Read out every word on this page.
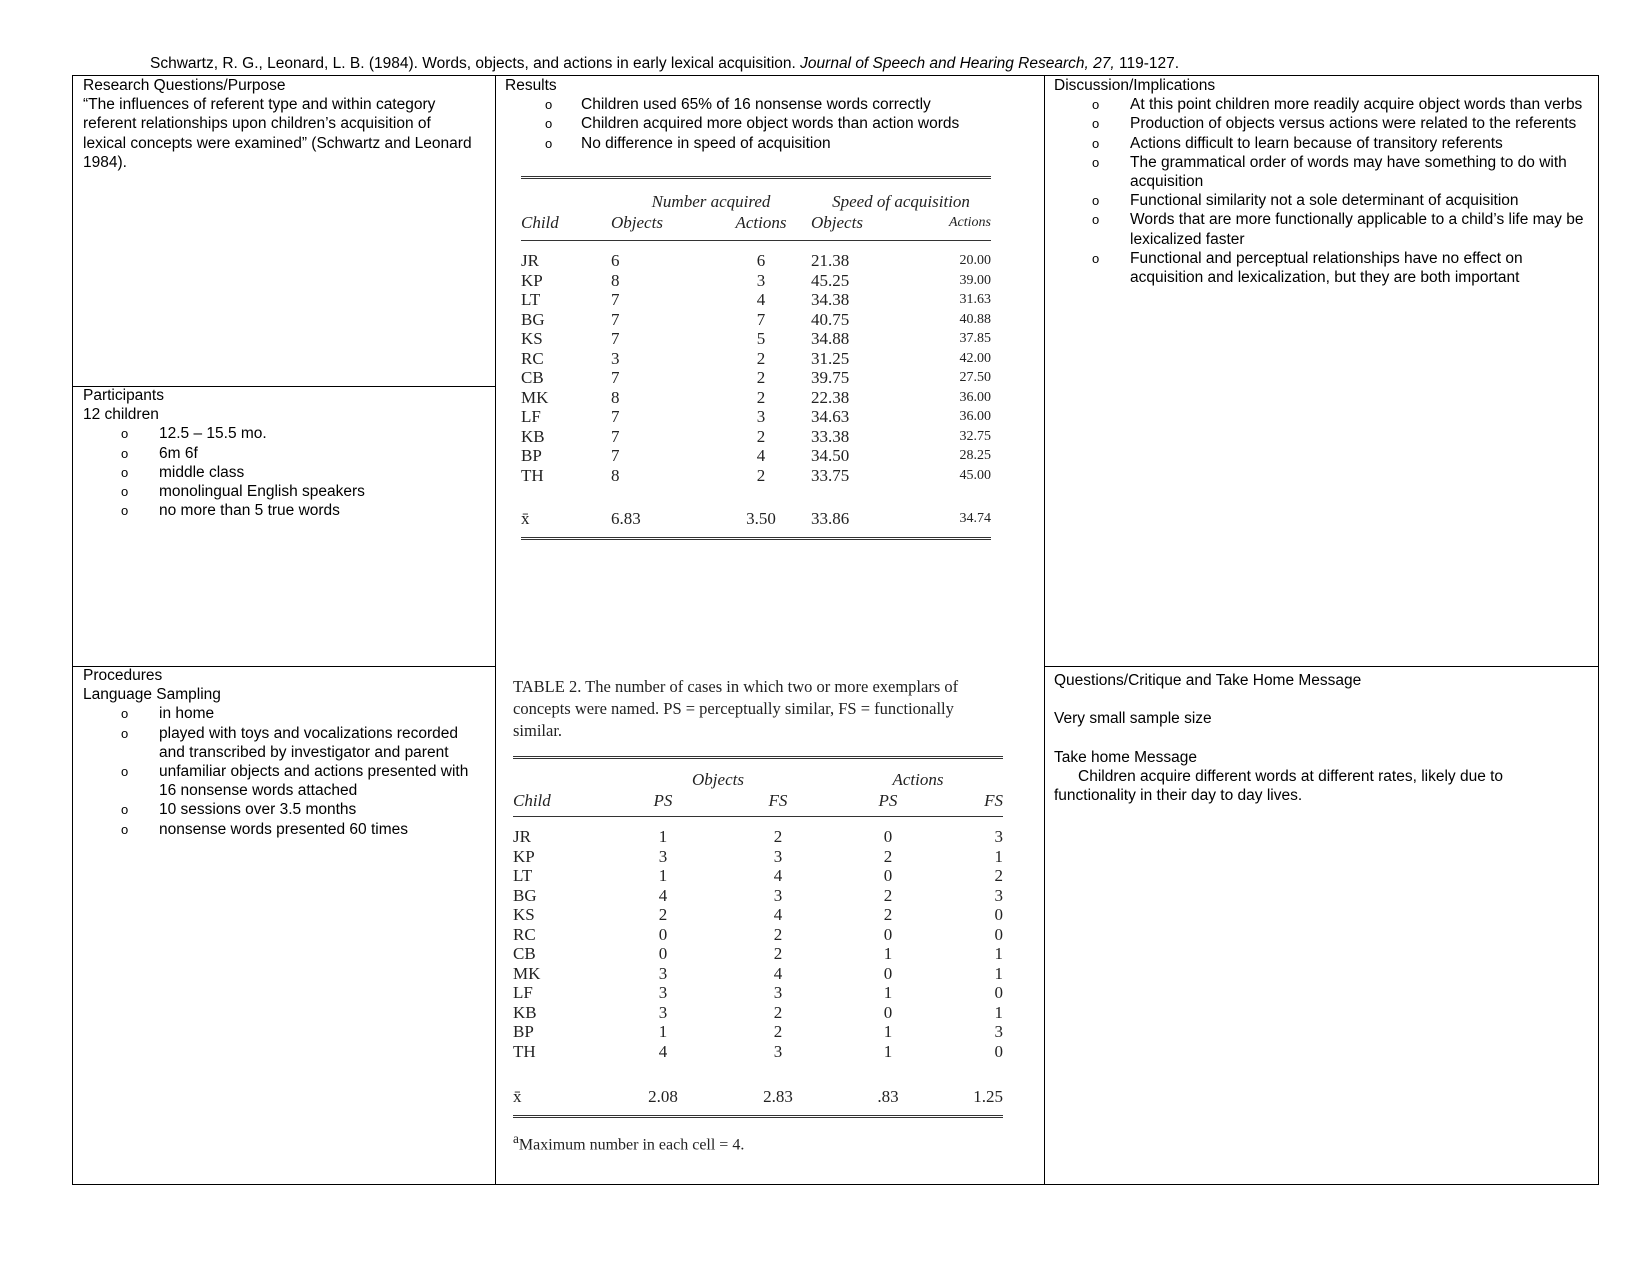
Schwartz, R. G., Leonard, L. B. (1984). Words, objects, and actions in early lexical acquisition. Journal of Speech and Hearing Research, 27, 119-127.
Research Questions/Purpose
“The influences of referent type and within category referent relationships upon children’s acquisition of lexical concepts were examined” (Schwartz and Leonard 1984).
Participants
12 children
o 12.5 – 15.5 mo.
o 6m 6f
o middle class
o monolingual English speakers
o no more than 5 true words
Procedures
Language Sampling
o in home
o played with toys and vocalizations recorded and transcribed by investigator and parent
o unfamiliar objects and actions presented with 16 nonsense words attached
o 10 sessions over 3.5 months
o nonsense words presented 60 times
Results
o Children used 65% of 16 nonsense words correctly
o Children acquired more object words than action words
o No difference in speed of acquisition
	Number acquired		Speed of acquisition	
Child	Objects	Actions	Objects	Actions

JR	6	6	21.38	20.00
KP	8	3	45.25	39.00
LT	7	4	34.38	31.63
BG	7	7	40.75	40.88
KS	7	5	34.88	37.85
RC	3	2	31.25	42.00
CB	7	2	39.75	27.50
MK	8	2	22.38	36.00
LF	7	3	34.63	36.00
KB	7	2	33.38	32.75
BP	7	4	34.50	28.25
TH	8	2	33.75	45.00

x̄	6.83	3.50	33.86	34.74
TABLE 2. The number of cases in which two or more exemplars of concepts were named. PS = perceptually similar, FS = functionally similar.
	Objects		Actions	
Child	PS	FS	PS	FS

JR	1	2	0	3
KP	3	3	2	1
LT	1	4	0	2
BG	4	3	2	3
KS	2	4	2	0
RC	0	2	0	0
CB	0	2	1	1
MK	3	4	0	1
LF	3	3	1	0
KB	3	2	0	1
BP	1	2	1	3
TH	4	3	1	0

x̄	2.08	2.83	.83	1.25
$^a$Maximum number in each cell = 4.
Discussion/Implications
o At this point children more readily acquire object words than verbs
o Production of objects versus actions were related to the referents
o Actions difficult to learn because of transitory referents
o The grammatical order of words may have something to do with acquisition
o Functional similarity not a sole determinant of acquisition
o Words that are more functionally applicable to a child’s life may be lexicalized faster
o Functional and perceptual relationships have no effect on acquisition and lexicalization, but they are both important
Questions/Critique and Take Home Message
Very small sample size
Take home Message
Children acquire different words at different rates, likely due to functionality in their day to day lives.
